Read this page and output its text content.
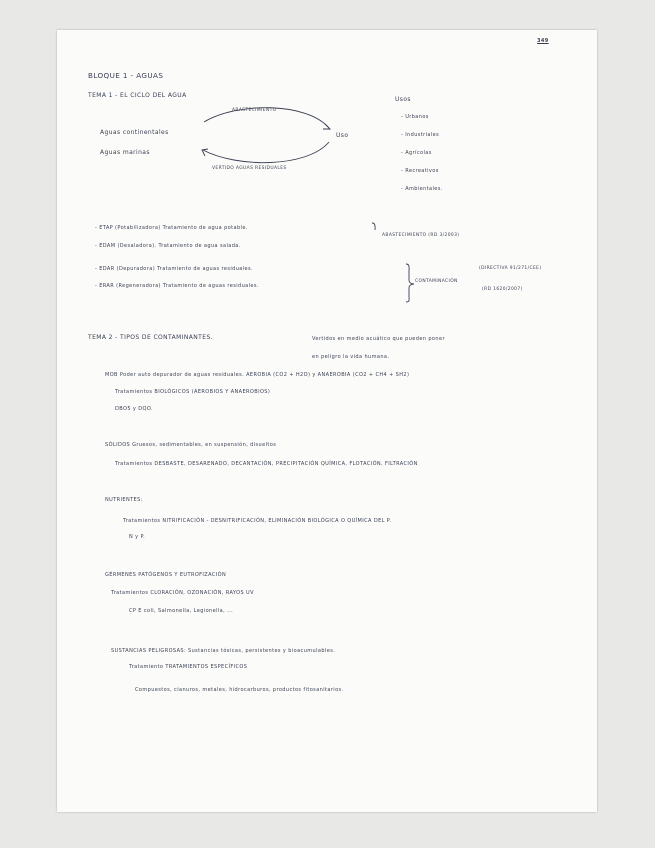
349
BLOQUE 1 - AGUAS
TEMA 1 - EL CICLO DEL AGUA
ABASTECIMIENTO
Aguas continentales
Aguas marinas
Uso
VERTIDO AGUAS RESIDUALES
Usos
- Urbanos
- Industriales
- Agrícolas
- Recreativos
- Ambientales.
- ETAP (Potabilizadora) Tratamiento de agua potable.
- EDAM (Desaladora). Tratamiento de agua salada.
ABASTECIMIENTO (RD 3/2003)
- EDAR (Depuradora) Tratamiento de aguas residuales.
- ERAR (Regeneradora) Tratamiento de aguas residuales.
CONTAMINACIÓN
(DIRECTIVA 91/271/CEE)
(RD 1620/2007)
TEMA 2 - TIPOS DE CONTAMINANTES.	Vertidos en medio acuático que pueden poner
en peligro la vida humana.
MOB Poder auto depurador de aguas residuales. AEROBIA (CO2 + H2O) y ANAEROBIA (CO2 + CH4 + SH2)
Tratamientos BIOLÓGICOS (AEROBIOS Y ANAEROBIOS)
DBO5 y DQO.
SÓLIDOS Gruesos, sedimentables, en suspensión, disueltos
Tratamientos DESBASTE, DESARENADO, DECANTACIÓN, PRECIPITACIÓN QUÍMICA, FLOTACIÓN, FILTRACIÓN
NUTRIENTES:
Tratamientos NITRIFICACIÓN - DESNITRIFICACIÓN, ELIMINACIÓN BIOLÓGICA O QUÍMICA DEL P.
N y P.
GÉRMENES PATÓGENOS Y EUTROFIZACIÓN
Tratamientos CLORACIÓN, OZONACIÓN, RAYOS UV
CP E coli, Salmonella, Legionella, ...
SUSTANCIAS PELIGROSAS: Sustancias tóxicas, persistentes y bioacumulables.
Tratamiento TRATAMIENTOS ESPECÍFICOS
Compuestos, cianuros, metales, hidrocarburos, productos fitosanitarios.
